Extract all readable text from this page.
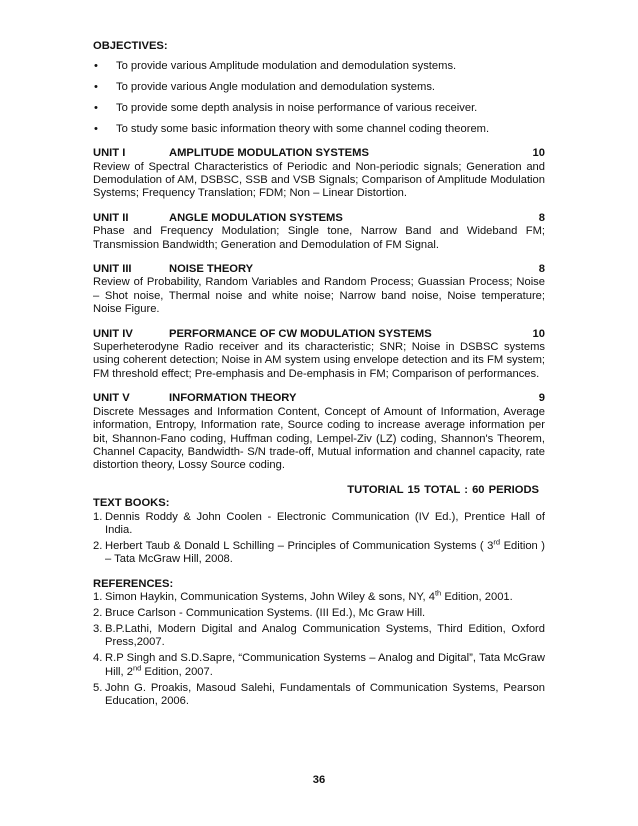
OBJECTIVES:
• To provide various Amplitude modulation and demodulation systems.
• To provide various Angle modulation and demodulation systems.
• To provide some depth analysis in noise performance of various receiver.
• To study some basic information theory with some channel coding theorem.
UNIT I	AMPLITUDE MODULATION SYSTEMS	10
Review of Spectral Characteristics of Periodic and Non-periodic signals; Generation and Demodulation of AM, DSBSC, SSB and VSB Signals; Comparison of Amplitude Modulation Systems; Frequency Translation; FDM; Non – Linear Distortion.
UNIT II	ANGLE MODULATION SYSTEMS	8
Phase and Frequency Modulation; Single tone, Narrow Band and Wideband FM; Transmission Bandwidth; Generation and Demodulation of FM Signal.
UNIT III	NOISE THEORY	8
Review of Probability, Random Variables and Random Process; Guassian Process; Noise – Shot noise, Thermal noise and white noise; Narrow band noise, Noise temperature; Noise Figure.
UNIT IV	PERFORMANCE OF CW MODULATION SYSTEMS	10
Superheterodyne Radio receiver and its characteristic; SNR; Noise in DSBSC systems using coherent detection; Noise in AM system using envelope detection and its FM system; FM threshold effect; Pre-emphasis and De-emphasis in FM; Comparison of performances.
UNIT V	INFORMATION THEORY	9
Discrete Messages and Information Content, Concept of Amount of Information, Average information, Entropy, Information rate, Source coding to increase average information per bit, Shannon-Fano coding, Huffman coding, Lempel-Ziv (LZ) coding, Shannon's Theorem, Channel Capacity, Bandwidth- S/N trade-off, Mutual information and channel capacity, rate distortion theory, Lossy Source coding.
TUTORIAL 15 TOTAL : 60 PERIODS
TEXT BOOKS:
1. Dennis Roddy & John Coolen - Electronic Communication (IV Ed.), Prentice Hall of India.
2. Herbert Taub & Donald L Schilling – Principles of Communication Systems ( 3rd Edition ) – Tata McGraw Hill, 2008.
REFERENCES:
1. Simon Haykin, Communication Systems, John Wiley & sons, NY, 4th Edition, 2001.
2. Bruce Carlson - Communication Systems. (III Ed.), Mc Graw Hill.
3. B.P.Lathi, Modern Digital and Analog Communication Systems, Third Edition, Oxford Press,2007.
4. R.P Singh and S.D.Sapre, “Communication Systems – Analog and Digital”, Tata McGraw Hill, 2nd Edition, 2007.
5. John G. Proakis, Masoud Salehi, Fundamentals of Communication Systems, Pearson Education, 2006.
36
